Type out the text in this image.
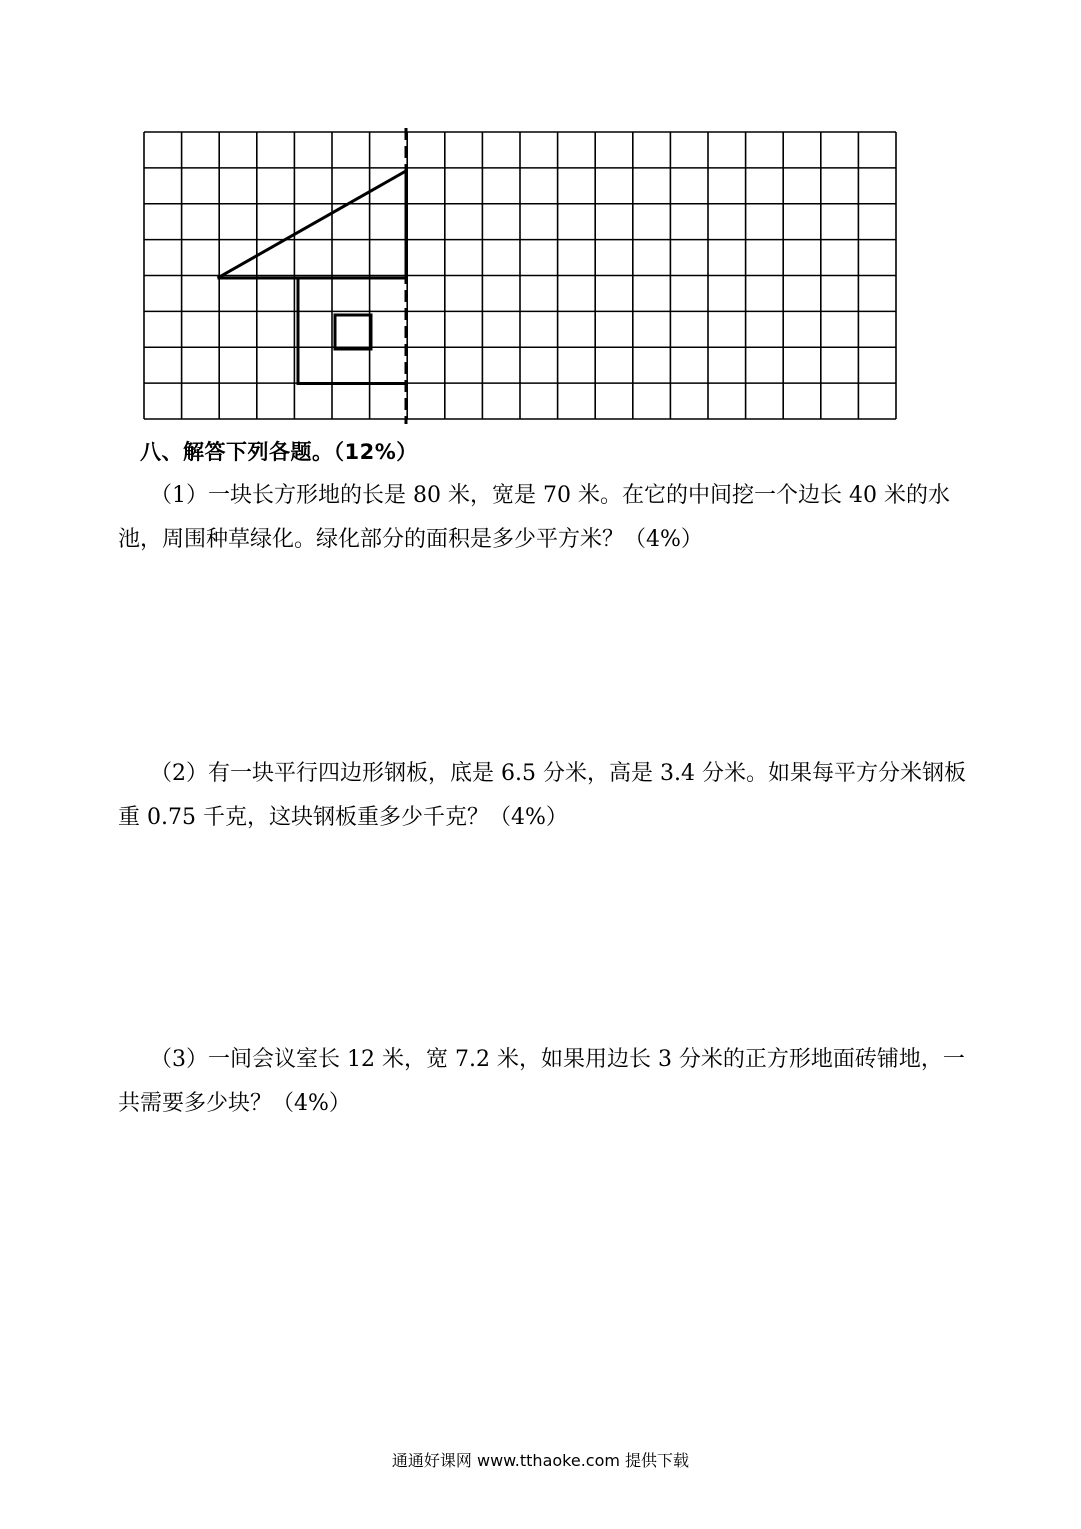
八、解答下列各题。（12%）

（1）一块长方形地的长是 80 米，宽是 70 米。在它的中间挖一个边长 40 米的水池，周围种草绿化。绿化部分的面积是多少平方米？（4%）

（2）有一块平行四边形钢板，底是 6.5 分米，高是 3.4 分米。如果每平方分米钢板重 0.75 千克，这块钢板重多少千克？（4%）

（3）一间会议室长 12 米，宽 7.2 米，如果用边长 3 分米的正方形地面砖铺地，一共需要多少块？（4%）

通通好课网 www.tthaoke.com 提供下载
